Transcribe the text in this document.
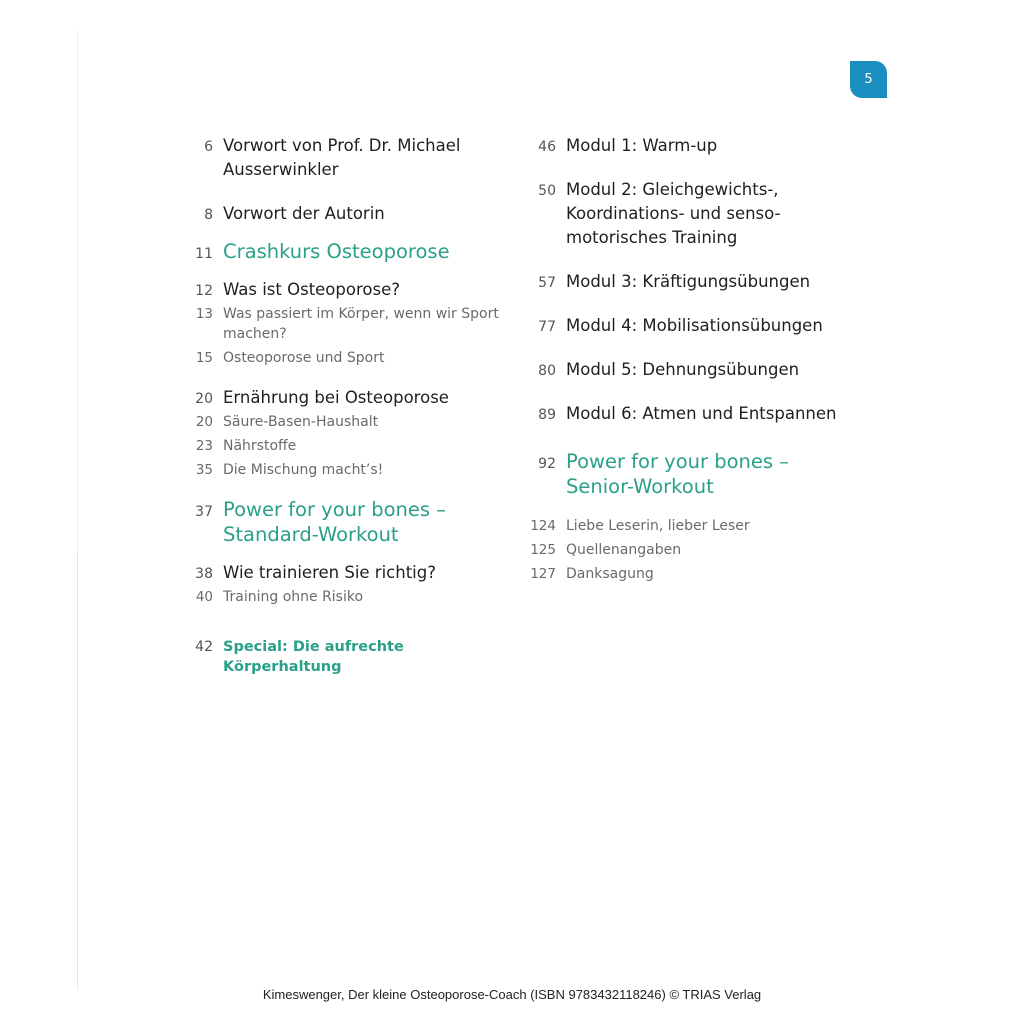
5
6 Vorwort von Prof. Dr. Michael Ausserwinkler
8 Vorwort der Autorin
11 Crashkurs Osteoporose
12 Was ist Osteoporose?
13 Was passiert im Körper, wenn wir Sport machen?
15 Osteoporose und Sport
20 Ernährung bei Osteoporose
20 Säure-Basen-Haushalt
23 Nährstoffe
35 Die Mischung macht’s!
37 Power for your bones – Standard-Workout
38 Wie trainieren Sie richtig?
40 Training ohne Risiko
42 Special: Die aufrechte Körperhaltung
46 Modul 1: Warm-up
50 Modul 2: Gleichgewichts-, Koordinations- und senso- motorisches Training
57 Modul 3: Kräftigungsübungen
77 Modul 4: Mobilisationsübungen
80 Modul 5: Dehnungsübungen
89 Modul 6: Atmen und Entspannen
92 Power for your bones – Senior-Workout
124 Liebe Leserin, lieber Leser
125 Quellenangaben
127 Danksagung
Kimeswenger, Der kleine Osteoporose-Coach (ISBN 9783432118246) © TRIAS Verlag
